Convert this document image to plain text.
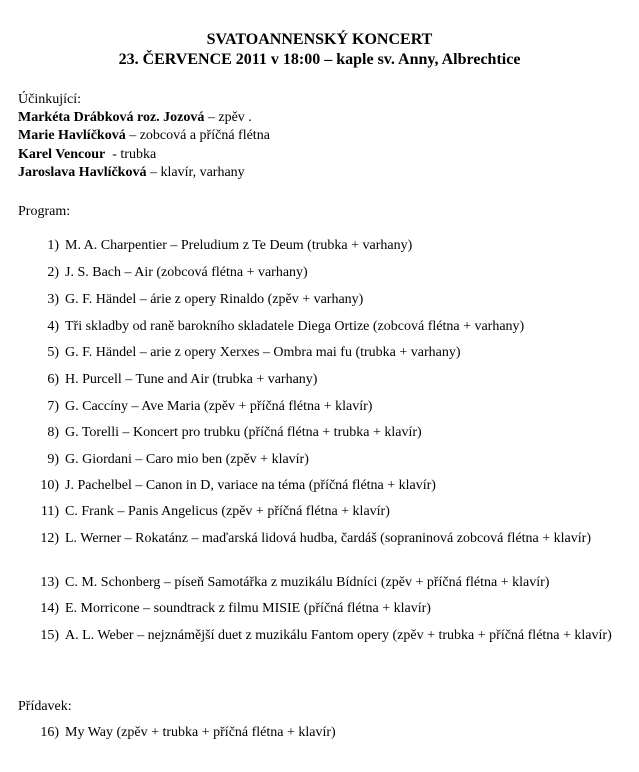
SVATOANNENSKÝ KONCERT
23. ČERVENCE 2011 v 18:00 – kaple sv. Anny, Albrechtice
Účinkující:
Markéta Drábková roz. Jozová – zpěv .
Marie Havlíčková – zobcová a příčná flétna
Karel Vencour  - trubka
Jaroslava Havlíčková – klavír, varhany
Program:
1) M. A. Charpentier – Preludium z Te Deum (trubka + varhany)
2) J. S. Bach – Air (zobcová flétna + varhany)
3) G. F. Händel – árie z opery Rinaldo (zpěv + varhany)
4) Tři skladby od raně barokního skladatele Diega Ortize (zobcová flétna + varhany)
5) G. F. Händel – arie z opery Xerxes – Ombra mai fu (trubka + varhany)
6) H. Purcell – Tune and Air (trubka + varhany)
7) G. Caccíny – Ave Maria (zpěv + příčná flétna + klavír)
8) G. Torelli – Koncert pro trubku (příčná flétna + trubka + klavír)
9) G. Giordani – Caro mio ben (zpěv + klavír)
10) J. Pachelbel – Canon in D, variace na téma (příčná flétna + klavír)
11) C. Frank – Panis Angelicus (zpěv + příčná flétna + klavír)
12) L. Werner – Rokatánz – maďarská lidová hudba, čardáš (sopraninová zobcová flétna + klavír)
13) C. M. Schonberg – píseň Samotářka z muzikálu Bídníci (zpěv + příčná flétna + klavír)
14) E. Morricone – soundtrack z filmu MISIE (příčná flétna + klavír)
15) A. L. Weber – nejznámější duet z muzikálu Fantom opery (zpěv + trubka + příčná flétna + klavír)
Přídavek:
16) My Way (zpěv + trubka + příčná flétna + klavír)
